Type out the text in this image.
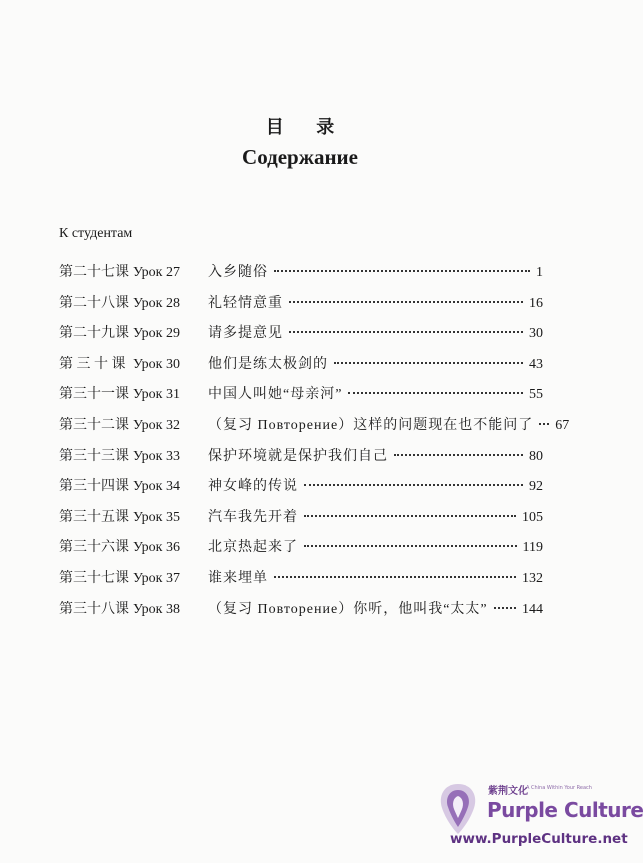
目 录
Содержание
К студентам
第二十七课 Урок 27 入乡随俗	1
第二十八课 Урок 28 礼轻情意重	16
第二十九课 Урок 29 请多提意见	30
第 三 十 课 Урок 30 他们是练太极剑的	43
第三十一课 Урок 31 中国人叫她“母亲河”	55
第三十二课 Урок 32 （复习 Повторение）这样的问题现在也不能问了 67
第三十三课 Урок 33 保护环境就是保护我们自己	80
第三十四课 Урок 34 神女峰的传说	92
第三十五课 Урок 35 汽车我先开着	105
第三十六课 Урок 36 北京热起来了	119
第三十七课 Урок 37 谁来埋单	132
第三十八课 Урок 38 （复习 Повторение）你听，他叫我“太太” 144
紫荆文化
A China Within Your Reach
Purple Culture
www.PurpleCulture.net
